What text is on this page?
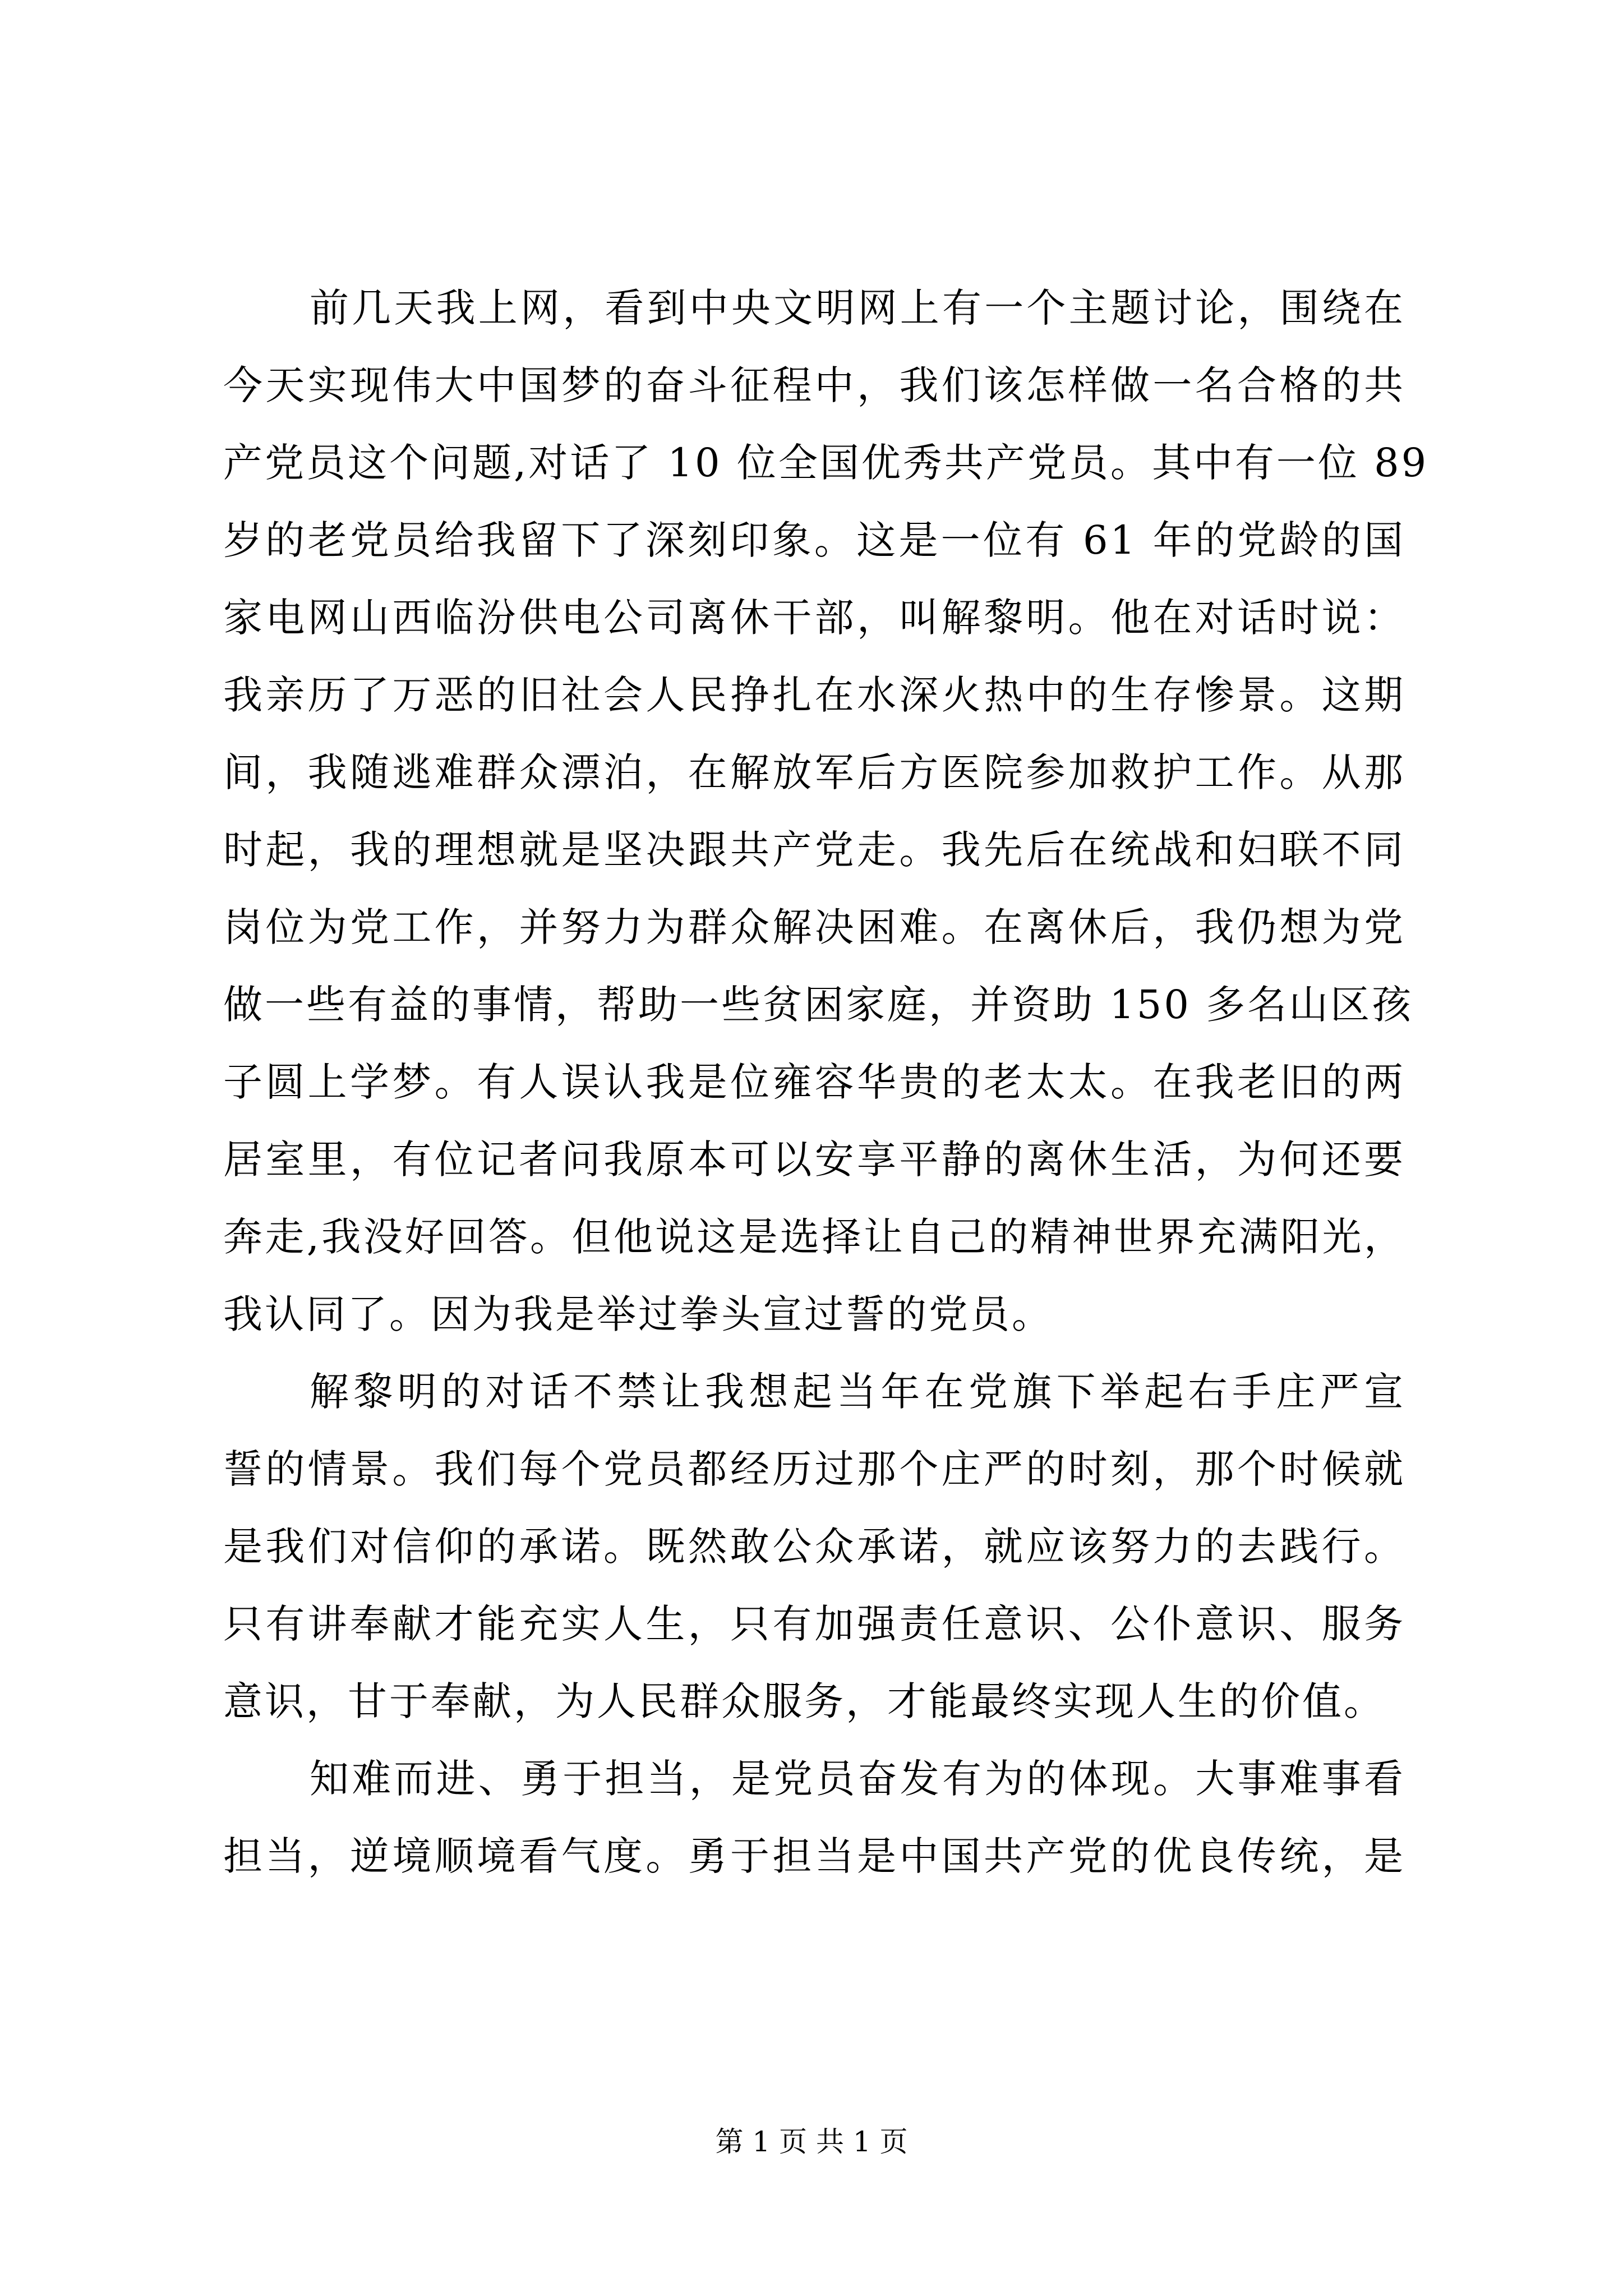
前几天我上网，看到中央文明网上有一个主题讨论，围绕在
今天实现伟大中国梦的奋斗征程中，我们该怎样做一名合格的共
产党员这个问题,对话了 10 位全国优秀共产党员。其中有一位 89
岁的老党员给我留下了深刻印象。这是一位有 61 年的党龄的国
家电网山西临汾供电公司离休干部，叫解黎明。他在对话时说：
我亲历了万恶的旧社会人民挣扎在水深火热中的生存惨景。这期
间，我随逃难群众漂泊，在解放军后方医院参加救护工作。从那
时起，我的理想就是坚决跟共产党走。我先后在统战和妇联不同
岗位为党工作，并努力为群众解决困难。在离休后，我仍想为党
做一些有益的事情，帮助一些贫困家庭，并资助 150 多名山区孩
子圆上学梦。有人误认我是位雍容华贵的老太太。在我老旧的两
居室里，有位记者问我原本可以安享平静的离休生活，为何还要
奔走,我没好回答。但他说这是选择让自己的精神世界充满阳光，
我认同了。因为我是举过拳头宣过誓的党员。
解黎明的对话不禁让我想起当年在党旗下举起右手庄严宣
誓的情景。我们每个党员都经历过那个庄严的时刻，那个时候就
是我们对信仰的承诺。既然敢公众承诺，就应该努力的去践行。
只有讲奉献才能充实人生，只有加强责任意识、公仆意识、服务
意识，甘于奉献，为人民群众服务，才能最终实现人生的价值。
知难而进、勇于担当，是党员奋发有为的体现。大事难事看
担当，逆境顺境看气度。勇于担当是中国共产党的优良传统，是
第 1 页 共 1 页
